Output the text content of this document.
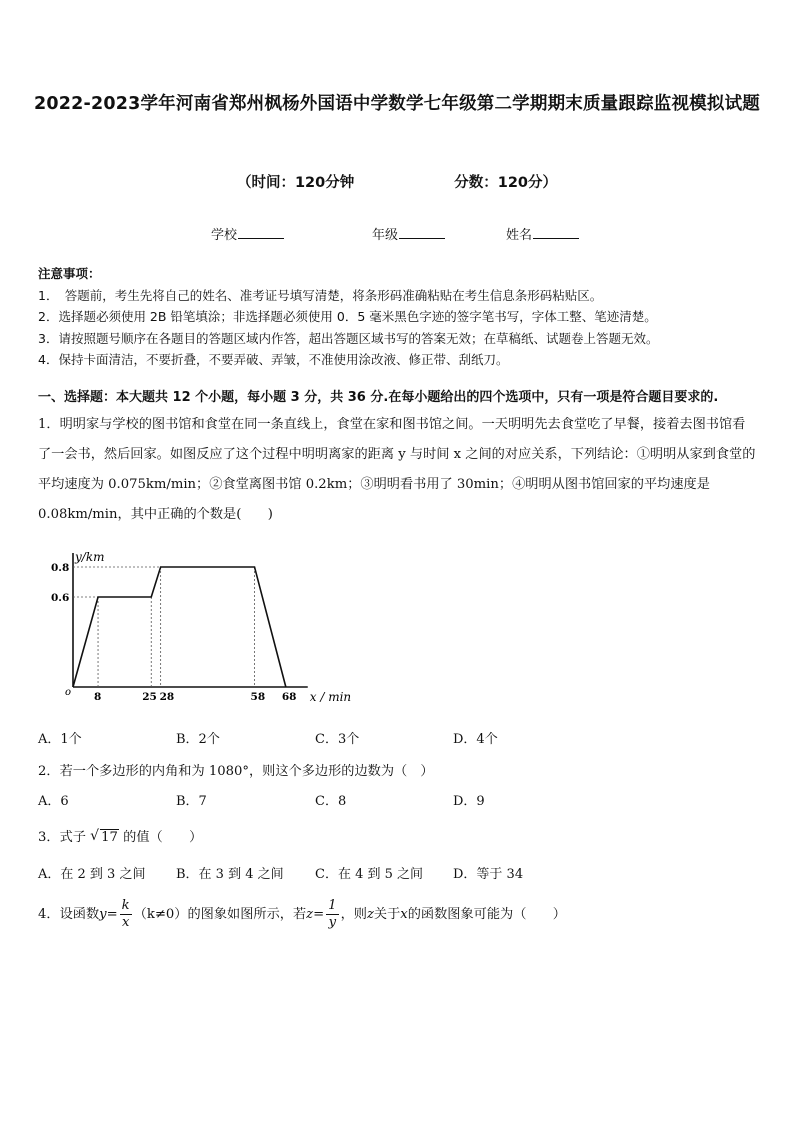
2022-2023学年河南省郑州枫杨外国语中学数学七年级第二学期期末质量跟踪监视模拟试题
（时间：120分钟	分数：120分）
学校	年级	姓名
注意事项：
1．　答题前，考生先将自己的姓名、准考证号填写清楚，将条形码准确粘贴在考生信息条形码粘贴区。
2．选择题必须使用 2B 铅笔填涂；非选择题必须使用 0．5 毫米黑色字迹的签字笔书写，字体工整、笔迹清楚。
3．请按照题号顺序在各题目的答题区域内作答，超出答题区域书写的答案无效；在草稿纸、试题卷上答题无效。
4．保持卡面清洁，不要折叠，不要弄破、弄皱，不准使用涂改液、修正带、刮纸刀。
一、选择题：本大题共 12 个小题，每小题 3 分，共 36 分.在每小题给出的四个选项中，只有一项是符合题目要求的.
1．明明家与学校的图书馆和食堂在同一条直线上，食堂在家和图书馆之间。一天明明先去食堂吃了早餐，接着去图书馆看了一会书，然后回家。如图反应了这个过程中明明离家的距离 y 与时间 x 之间的对应关系，下列结论：①明明从家到食堂的平均速度为 0.075km/min；②食堂离图书馆 0.2km；③明明看书用了 30min；④明明从图书馆回家的平均速度是 0.08km/min，其中正确的个数是(　　)
y/km
x / min
o
0.6
0.8
8	25 28	58 68
A．1个	B．2个	C．3个	D．4个
2．若一个多边形的内角和为 1080°，则这个多边形的边数为（　）
A．6	B．7	C．8	D．9
3．式子 √ 17 的值（　　）
A．在 2 到 3 之间 B．在 3 到 4 之间 C．在 4 到 5 之间 D．等于 34
4．设函数$y= \frac{k}{x} (k\ne 0)$的图象如图所示，若$z= \frac{1}{y}$ ，则z关于x的函数图象可能为（　　）
